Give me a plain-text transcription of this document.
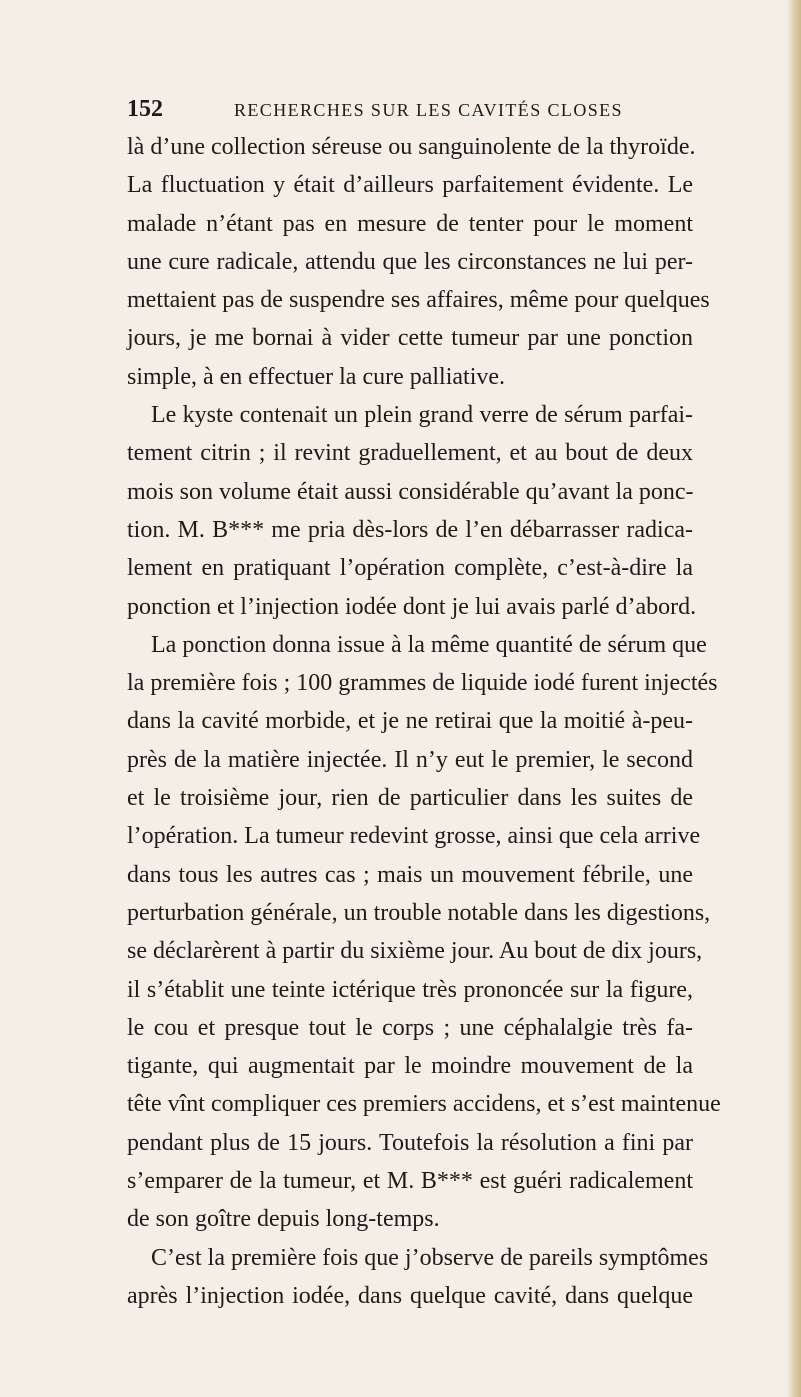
152	RECHERCHES SUR LES CAVITÉS CLOSES
là d’une collection séreuse ou sanguinolente de la thyroïde.
La fluctuation y était d’ailleurs parfaitement évidente. Le
malade n’étant pas en mesure de tenter pour le moment
une cure radicale, attendu que les circonstances ne lui per-
mettaient pas de suspendre ses affaires, même pour quelques
jours, je me bornai à vider cette tumeur par une ponction
simple, à en effectuer la cure palliative.
Le kyste contenait un plein grand verre de sérum parfai-
tement citrin ; il revint graduellement, et au bout de deux
mois son volume était aussi considérable qu’avant la ponc-
tion. M. B*** me pria dès-lors de l’en débarrasser radica-
lement en pratiquant l’opération complète, c’est-à-dire la
ponction et l’injection iodée dont je lui avais parlé d’abord.
La ponction donna issue à la même quantité de sérum que
la première fois ; 100 grammes de liquide iodé furent injectés
dans la cavité morbide, et je ne retirai que la moitié à-peu-
près de la matière injectée. Il n’y eut le premier, le second
et le troisième jour, rien de particulier dans les suites de
l’opération. La tumeur redevint grosse, ainsi que cela arrive
dans tous les autres cas ; mais un mouvement fébrile, une
perturbation générale, un trouble notable dans les digestions,
se déclarèrent à partir du sixième jour. Au bout de dix jours,
il s’établit une teinte ictérique très prononcée sur la figure,
le cou et presque tout le corps ; une céphalalgie très fa-
tigante, qui augmentait par le moindre mouvement de la
tête vînt compliquer ces premiers accidens, et s’est maintenue
pendant plus de 15 jours. Toutefois la résolution a fini par
s’emparer de la tumeur, et M. B*** est guéri radicalement
de son goître depuis long-temps.
C’est la première fois que j’observe de pareils symptômes
après l’injection iodée, dans quelque cavité, dans quelque
